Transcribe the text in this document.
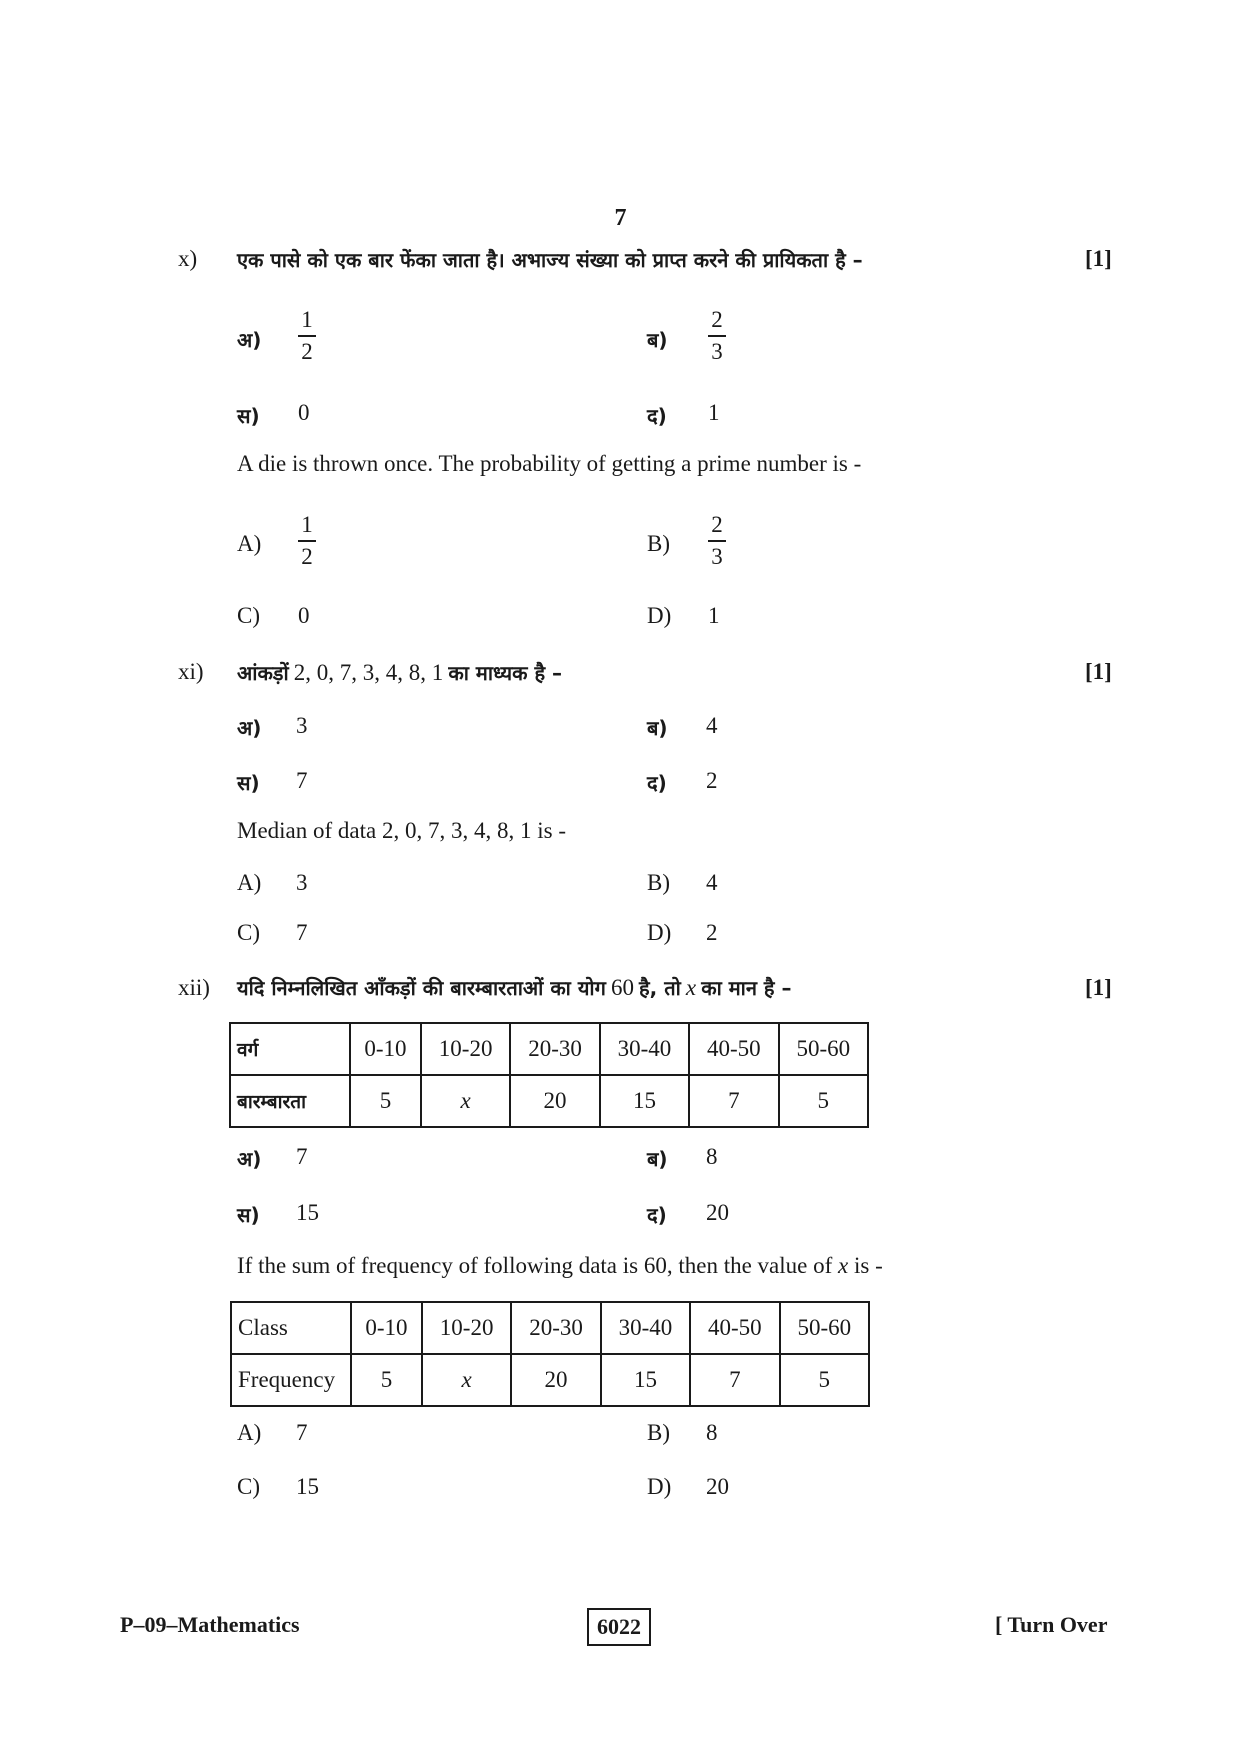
7
x) एक पासे को एक बार फेंका जाता है। अभाज्य संख्या को प्राप्त करने की प्रायिकता है –	[1]
अ)
1
2	ब)
2
3
स) 0	द) 1
A die is thrown once. The probability of getting a prime number is -
A)
1
2	B)
2
3
C) 0	D) 1
xi) आंकड़ों 2, 0, 7, 3, 4, 8, 1 का माध्यक है –	[1]
अ) 3	ब) 4
स) 7	द) 2
Median of data 2, 0, 7, 3, 4, 8, 1 is -
A) 3	B) 4
C) 7	D) 2
xii) यदि निम्नलिखित आँकड़ों की बारम्बारताओं का योग 60 है, तो x का मान है –	[1]
वर्ग	0-10	10-20	20-30	30-40	40-50	50-60
बारम्बारता	5	x	20	15	7	5
अ) 7	ब) 8
स) 15	द) 20
If the sum of frequency of following data is 60, then the value of x is -
Class	0-10	10-20	20-30	30-40	40-50	50-60
Frequency	5	x	20	15	7	5
A) 7	B) 8
C) 15	D) 20
P–09–Mathematics	6022	[ Turn Over
